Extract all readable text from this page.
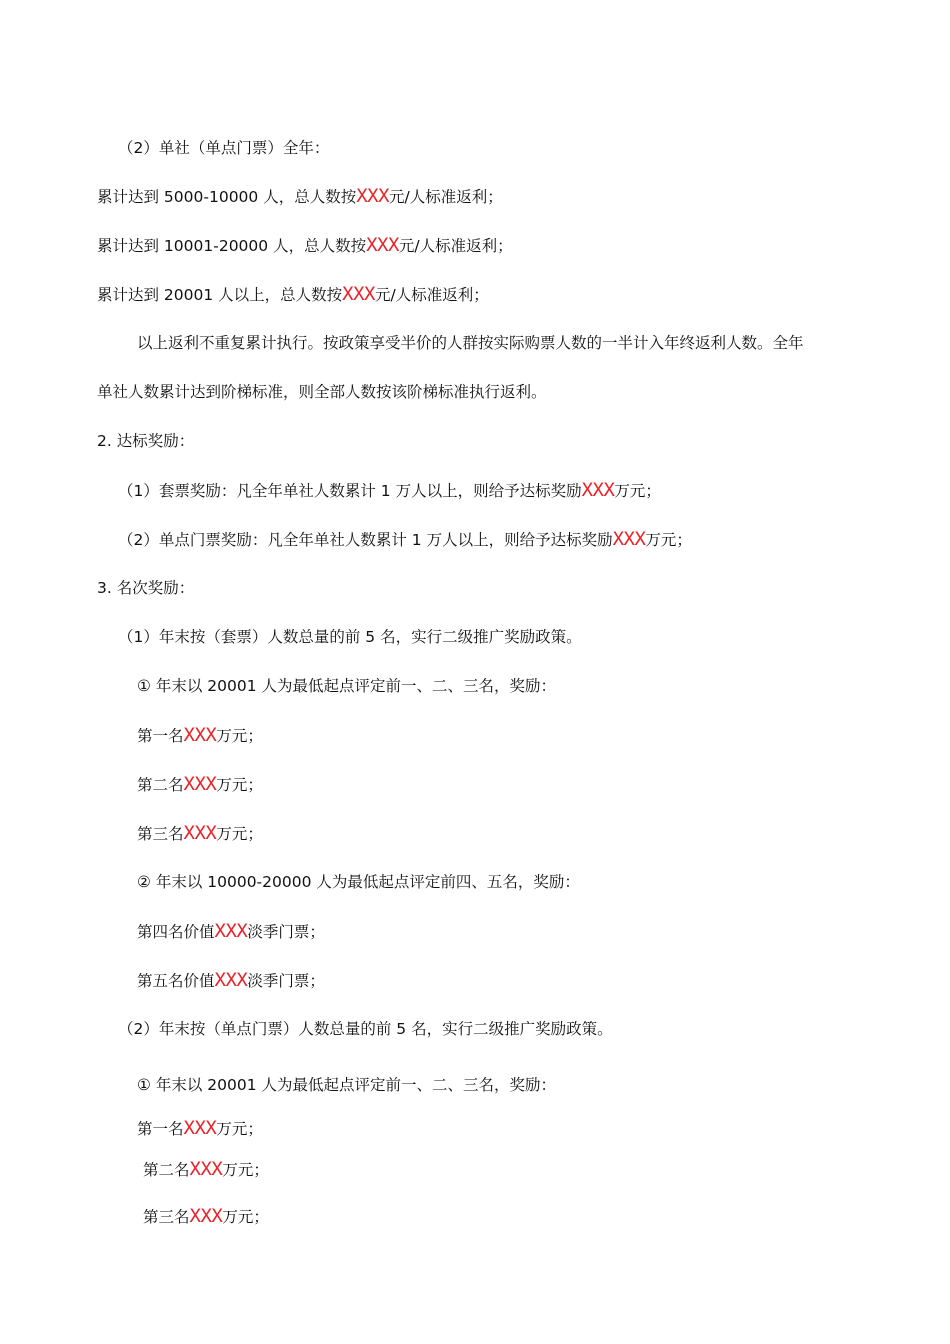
（2）单社（单点门票）全年：
累计达到 5000-10000 人，总人数按XXX元/人标准返利；
累计达到 10001-20000 人，总人数按XXX元/人标准返利；
累计达到 20001 人以上，总人数按XXX元/人标准返利；
以上返利不重复累计执行。按政策享受半价的人群按实际购票人数的一半计入年终返利人数。全年
单社人数累计达到阶梯标准，则全部人数按该阶梯标准执行返利。
2. 达标奖励：
（1）套票奖励：凡全年单社人数累计 1 万人以上，则给予达标奖励XXX万元；
（2）单点门票奖励：凡全年单社人数累计 1 万人以上，则给予达标奖励XXX万元；
3. 名次奖励：
（1）年末按（套票）人数总量的前 5 名，实行二级推广奖励政策。
① 年末以 20001 人为最低起点评定前一、二、三名，奖励：
第一名XXX万元；
第二名XXX万元；
第三名XXX万元；
② 年末以 10000-20000 人为最低起点评定前四、五名，奖励：
第四名价值XXX淡季门票；
第五名价值XXX淡季门票；
（2）年末按（单点门票）人数总量的前 5 名，实行二级推广奖励政策。
① 年末以 20001 人为最低起点评定前一、二、三名，奖励：
第一名XXX万元；
第二名XXX万元；
第三名XXX万元；
